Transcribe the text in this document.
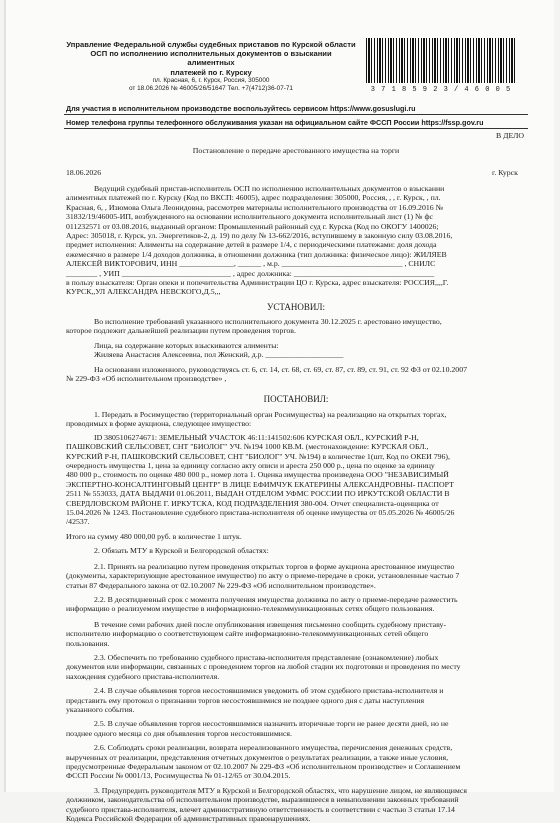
Управление Федеральной службы судебных приставов по Курской области
ОСП по исполнению исполнительных документов о взыскании алиментных
платежей по г. Курску
пл. Красная, 6, г. Курск, Россия, 305000
от 18.06.2026 № 46005/26/51647 Тел. +7(4712)36-07-71	3 7 1 8 5 9 2 3 / 4 6 0 0 5
Для участия в исполнительном производстве воспользуйтесь сервисом https://www.gosuslugi.ru
Номер телефона группы телефонного обслуживания указан на официальном сайте ФССП России https://fssp.gov.ru
В ДЕЛО
Постановление о передаче арестованного имущества на торги
18.06.2026	г. Курск
Ведущий судебный пристав-исполнитель ОСП по исполнению исполнительных документов о взыскании
алиментных платежей по г. Курску (Код по ВКСП: 46005), адрес подразделения: 305000, Россия, , , г. Курск, , пл.
Красная, 6, , Изюмова Ольга Леонидовна, рассмотрев материалы исполнительного производства от 16.09.2016 №
31832/19/46005-ИП, возбужденного на основании исполнительного документа исполнительный лист (1) № фс
011232571 от 03.08.2016, выданный органом: Промышленный районный суд г. Курска (Код по ОКОГУ 1400026;
Адрес: 305018, г. Курск, ул. Энергетиков-2, д. 19) по делу № 13-662/2016, вступившему в законную силу 03.08.2016,
предмет исполнения: Алименты на содержание детей в размере 1/4, с периодическими платежами: доля дохода
ежемесячно в размере 1/4 доходов должника, в отношении должника (тип должника: физическое лицо): ЖИЛЯЕВ
АЛЕКСЕЙ ВИКТОРОВИЧ, ИНН ______________, ______ , м.р. _______________________________ , СНИЛС
________ , УИП ____________________________ , адрес должника: ____________________________________
в пользу взыскателя: Орган опеки и попечительства Администрации ЦО г. Курска, адрес взыскателя: РОССИЯ,,,,Г.
КУРСК,,УЛ АЛЕКСАНДРА НЕВСКОГО,Д.5,,,
УСТАНОВИЛ:
Во исполнение требований указанного исполнительного документа 30.12.2025 г. арестовано имущество,
которое подлежит дальнейшей реализации путем проведения торгов.
Лица, на содержание которых взыскиваются алименты:
Жиляева Анастасия Алексеевна, пол Женский, д.р. ____________________
На основании изложенного, руководствуясь ст. 6, ст. 14, ст. 68, ст. 69, ст. 87, ст. 89, ст. 91, ст. 92 ФЗ от 02.10.2007
№ 229-ФЗ «Об исполнительном производстве» ,
ПОСТАНОВИЛ:
1. Передать в Росимущество (территориальный орган Росимущества) на реализацию на открытых торгах,
проводимых в форме аукциона, следующее имущество:
ID 3805106274671: ЗЕМЕЛЬНЫЙ УЧАСТОК 46:11:141502:606 КУРСКАЯ ОБЛ., КУРСКИЙ Р-Н,
ПАШКОВСКИЙ СЕЛЬСОВЕТ, СНТ "БИОЛОГ" УЧ. №194 1000 КВ.М. (местонахождение: КУРСКАЯ ОБЛ.,
КУРСКИЙ Р-Н, ПАШКОВСКИЙ СЕЛЬСОВЕТ, СНТ "БИОЛОГ" УЧ. №194) в количестве 1(шт, Код по ОКЕИ 796),
очередность имущества 1, цена за единицу согласно акту описи и ареста 250 000 р., цена по оценке за единицу
480 000 р., стоимость по оценке 480 000 р., номер лота 1. Оценка имущества произведена ООО "НЕЗАВИСИМЫЙ
ЭКСПЕРТНО-КОНСАЛТИНГОВЫЙ ЦЕНТР" В ЛИЦЕ ЕФИМЧУК ЕКАТЕРИНЫ АЛЕКСАНДРОВНЫ- ПАСПОРТ
2511 № 553033, ДАТА ВЫДАЧИ 01.06.2011, ВЫДАН ОТДЕЛОМ УФМС РОССИИ ПО ИРКУТСКОЙ ОБЛАСТИ В
СВЕРДЛОВСКОМ РАЙОНЕ Г. ИРКУТСКА, КОД ПОДРАЗДЕЛЕНИЯ 380-004. Отчет специалиста-оценщика от
15.04.2026 № 1243. Постановление судебного пристава-исполнителя об оценке имущества от 05.05.2026 № 46005/26
/42537.
Итого на сумму 480 000,00 руб. в количестве 1 штук.
2. Обязать МТУ в Курской и Белгородской областях:
2.1. Принять на реализацию путем проведения открытых торгов в форме аукциона арестованное имущество
(документы, характеризующие арестованное имущество) по акту о приеме-передаче в сроки, установленные частью 7
статьи 87 Федерального закона от 02.10.2007 № 229-ФЗ «Об исполнительном производстве».
2.2. В десятидневный срок с момента получения имущества должника по акту о приеме-передаче разместить
информацию о реализуемом имуществе в информационно-телекоммуникационных сетях общего пользования.
В течение семи рабочих дней после опубликования извещения письменно сообщить судебному приставу-
исполнителю информацию о соответствующем сайте информационно-телекоммуникационных сетей общего
пользования.
2.3. Обеспечить по требованию судебного пристава-исполнителя представление (ознакомление) любых
документов или информации, связанных с проведением торгов на любой стадии их подготовки и проведения по месту
нахождения судебного пристава-исполнителя.
2.4. В случае объявления торгов несостоявшимися уведомить об этом судебного пристава-исполнителя и
представить ему протокол о признании торгов несостоявшимися не позднее одного дня с даты наступления
указанного события.
2.5. В случае объявления торгов несостоявшимися назначить вторичные торги не ранее десяти дней, но не
позднее одного месяца со дня объявления торгов несостоявшимися.
2.6. Соблюдать сроки реализации, возврата нереализованного имущества, перечисления денежных средств,
вырученных от реализации, представления отчетных документов о результатах реализации, а также иные условия,
предусмотренные Федеральным законом от 02.10.2007 № 229-ФЗ «Об исполнительном производстве» и Соглашением
ФССП России № 0001/13, Росимущества № 01-12/65 от 30.04.2015.
3. Предупредить руководителя МТУ в Курской и Белгородской областях, что нарушение лицом, не являющимся
должником, законодательства об исполнительном производстве, выразившееся в невыполнении законных требований
судебного пристава-исполнителя, влечет административную ответственность в соответствии с частью 3 статьи 17.14
Кодекса Российской Федерации об административных правонарушениях.
